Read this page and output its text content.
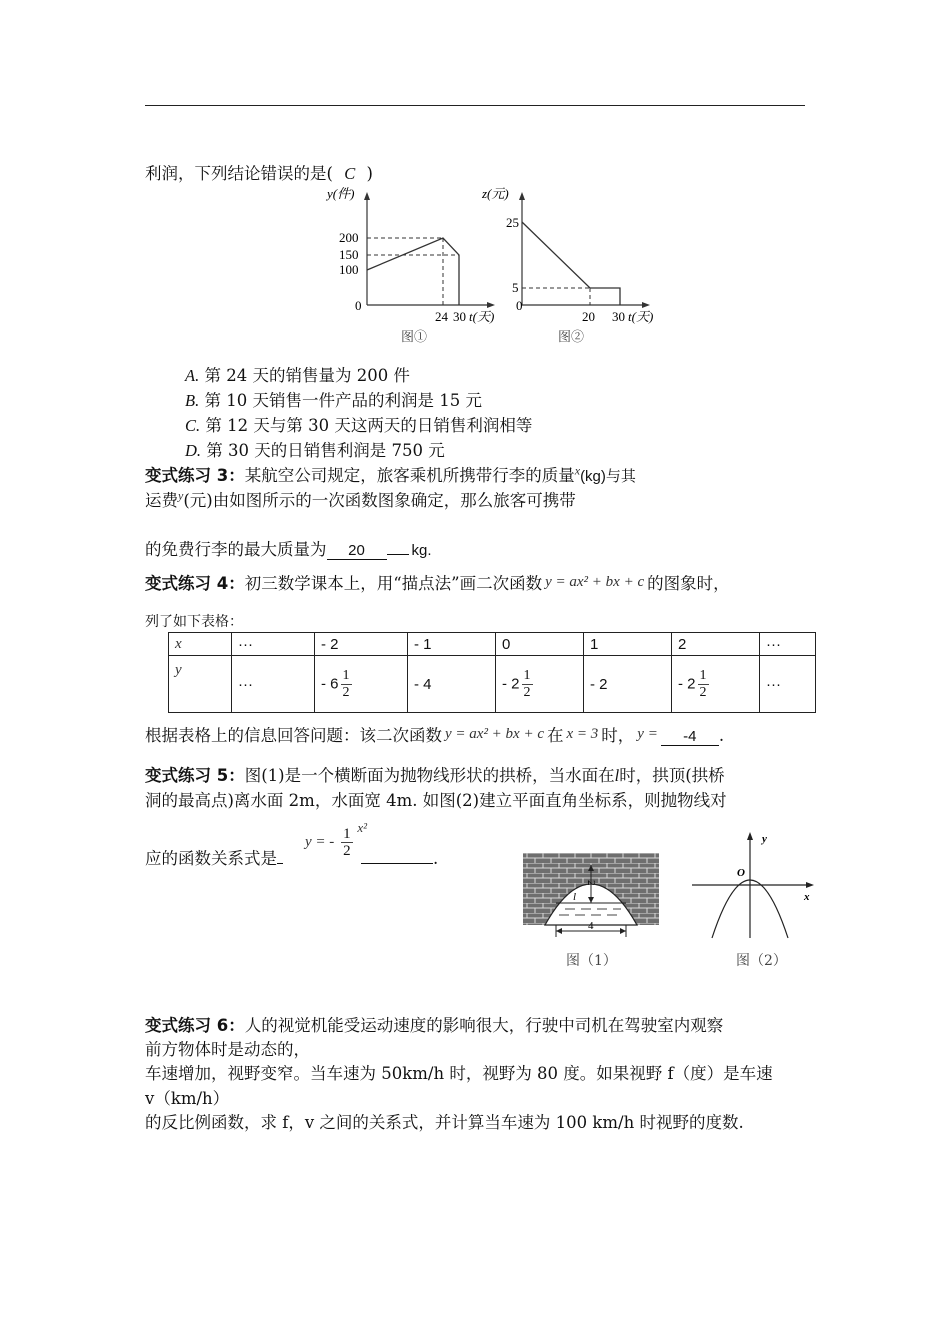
利润，下列结论错误的是( C )
y(件)
200
150
100
0
24 30 t(天)
图①
z(元)
25
5
0
20 30 t(天)
图②
A. 第 24 天的销售量为 200 件
B. 第 10 天销售一件产品的利润是 15 元
C. 第 12 天与第 30 天这两天的日销售利润相等
D. 第 30 天的日销售利润是 750 元
变式练习 3：某航空公司规定，旅客乘机所携带行李的质量$^x$(kg)与其
运费$^y$(元)由如图所示的一次函数图象确定，那么旅客可携带
的免费行李的最大质量为 20	kg.
变式练习 4：初三数学课本上，用“描点法”画二次函数 y = ax² + bx + c 的图象时，
列了如下表格：
x	···	- 2	- 1	0	1	2	···
y	···	- $6 \frac{1}{2}$	- 4	- $2 \frac{1}{2}$	- 2	- $2 \frac{1}{2}$	···
根据表格上的信息回答问题：该二次函数 y = ax² + bx + c 在 x = 3 时， y = -4 .
变式练习 5：图(1)是一个横断面为抛物线形状的拱桥，当水面在l时，拱顶(拱桥
洞的最高点)离水面 2m，水面宽 4m. 如图(2)建立平面直角坐标系，则抛物线对
y = - $\frac{1}{2} x^2$
应的函数关系式是	.
2
l
4
图（1）
y
x
O
图（2）
变式练习 6：人的视觉机能受运动速度的影响很大，行驶中司机在驾驶室内观察
前方物体时是动态的，
车速增加，视野变窄。当车速为 50km/h 时，视野为 80 度。如果视野 f（度）是车速
v（km/h）
的反比例函数，求 f，v 之间的关系式，并计算当车速为 100 km/h 时视野的度数.
